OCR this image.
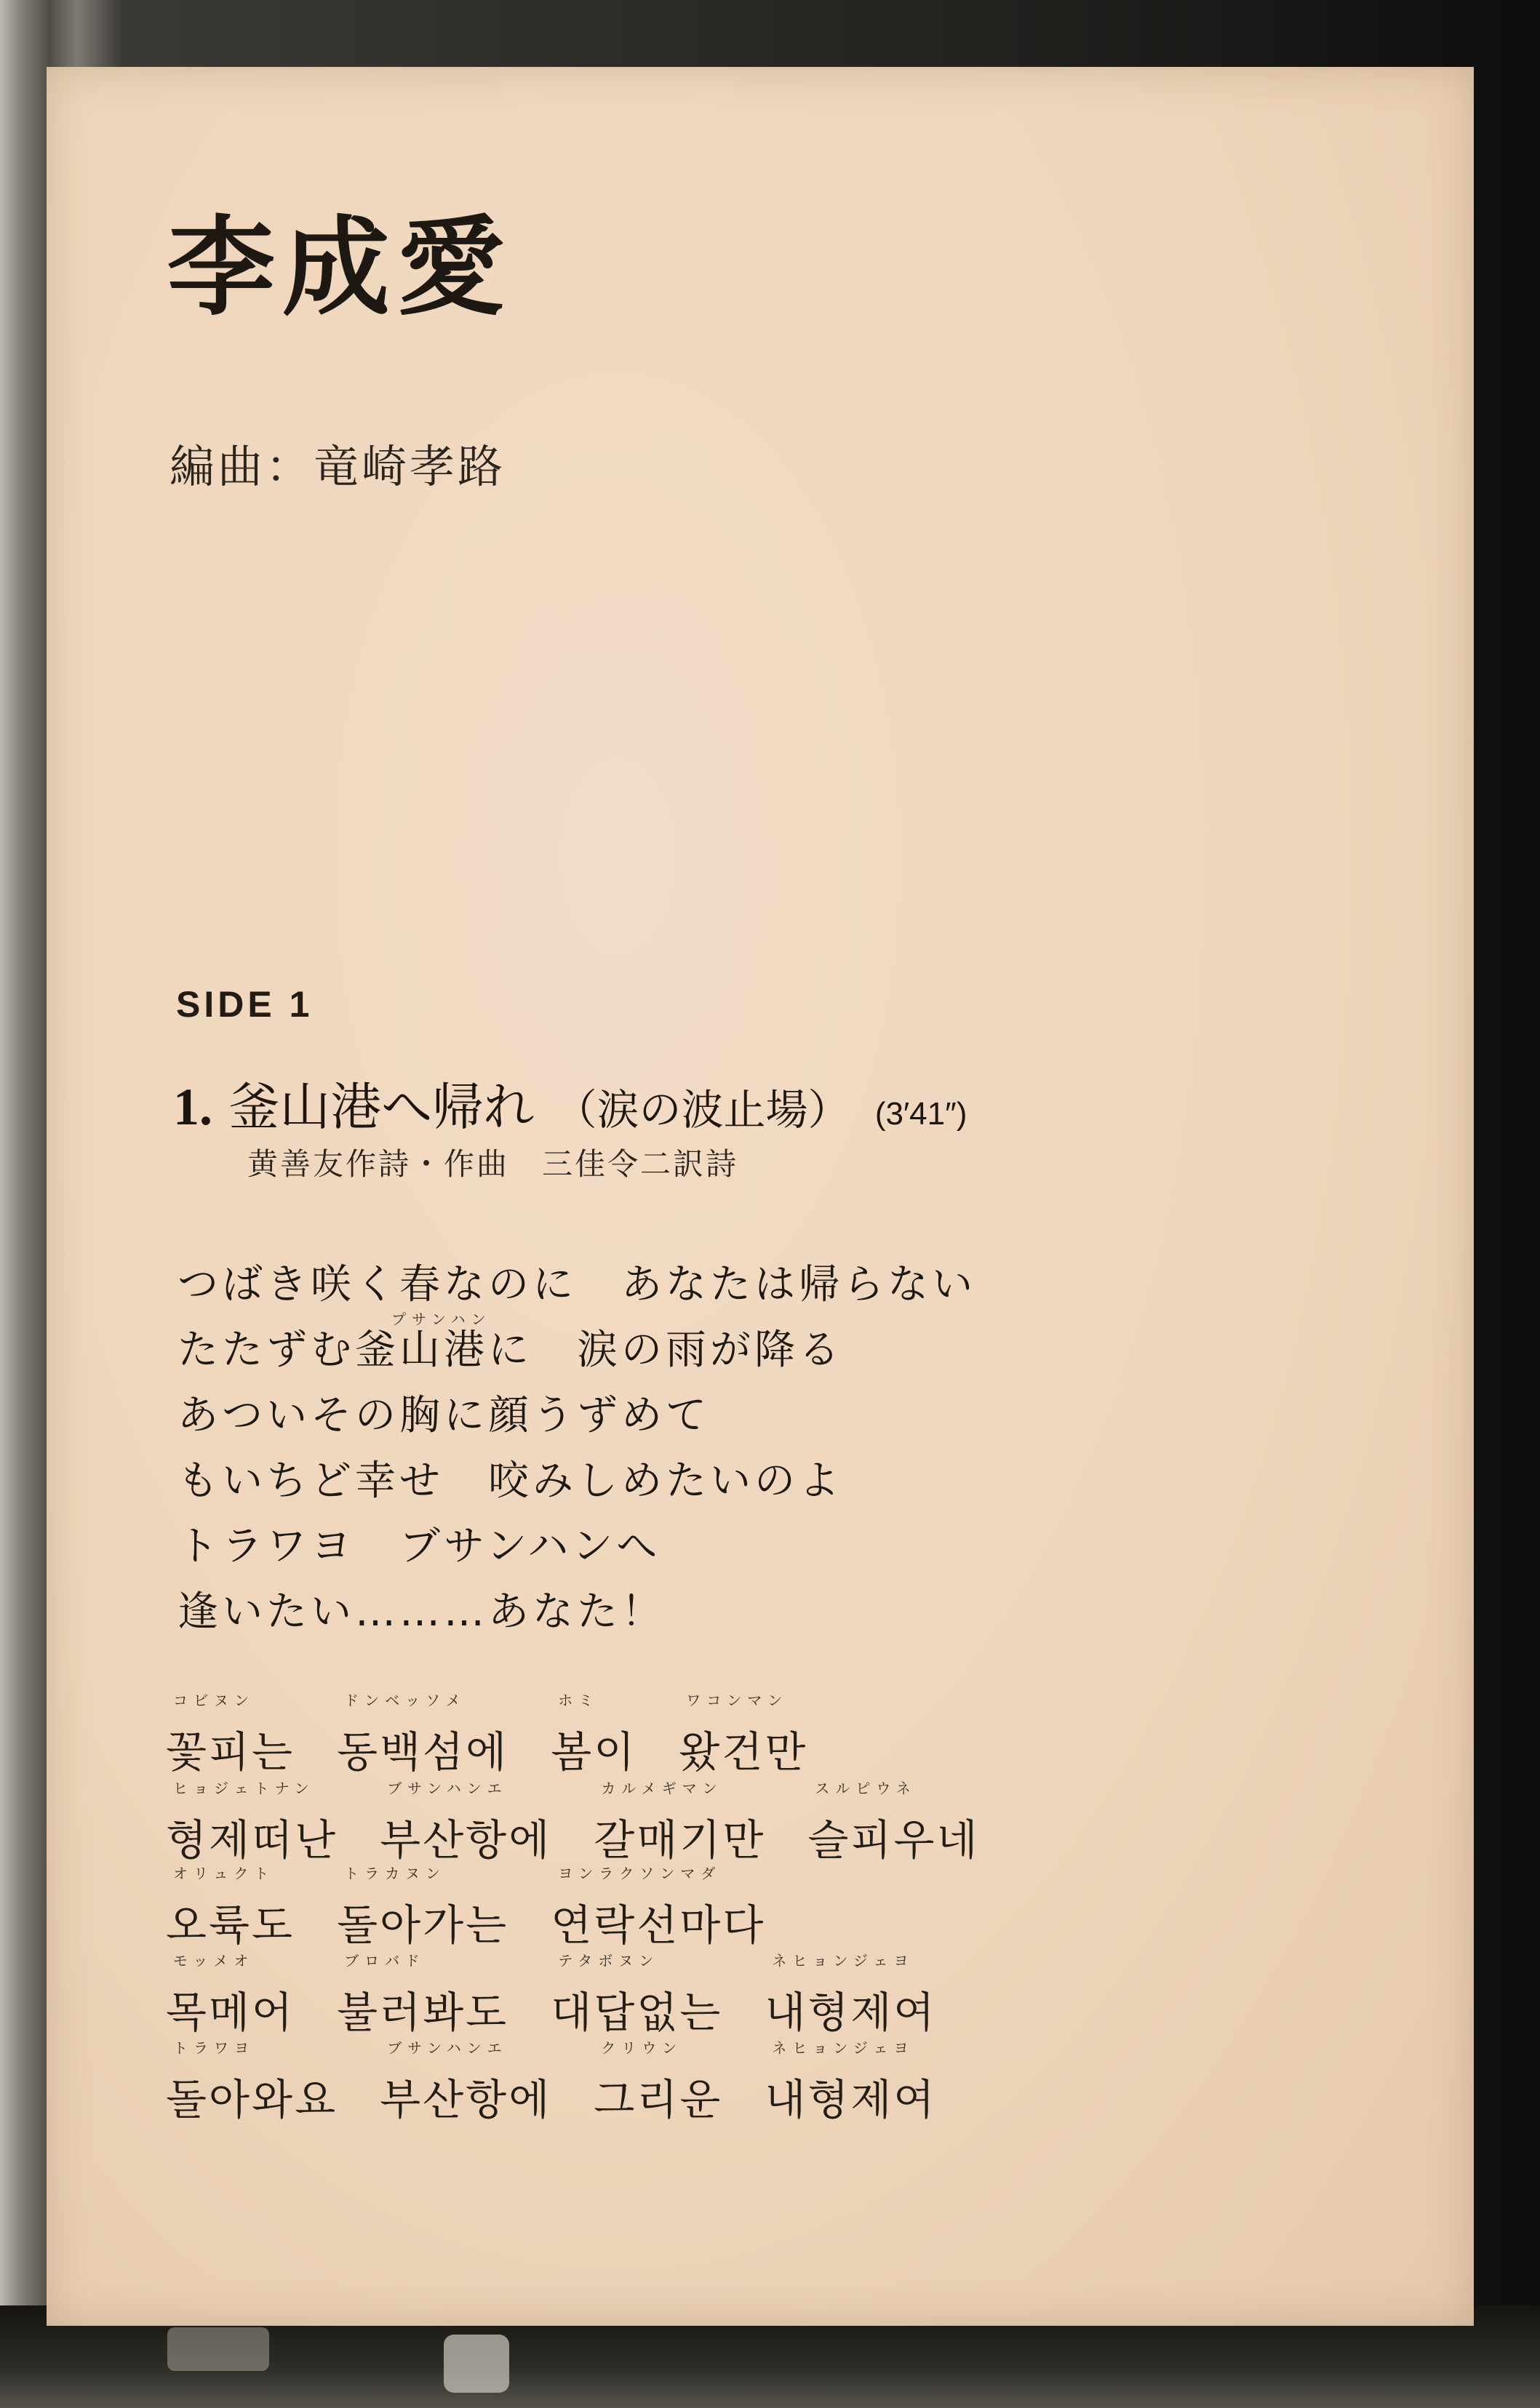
李成愛
編曲：竜崎孝路
SIDE 1
1. 釜山港へ帰れ （涙の波止場） (3′41″)
黄善友作詩・作曲　三佳令二訳詩
つばき咲く春なのに　あなたは帰らない
プサンハン
たたずむ釜山港に　涙の雨が降る
あついその胸に顔うずめて
もいちど幸せ　咬みしめたいのよ
トラワヨ　ブサンハンへ
逢いたい………あなた！
コビヌン
꽃피는
ドンベッソメ
동백섬에
ホミ
봄이
ワコンマン
왔건만
ヒョジェトナン
형제떠난
ブサンハンエ
부산항에
カルメギマン
갈매기만
スルピウネ
슬피우네
オリュクト
오륙도
トラカヌン
돌아가는
ヨンラクソンマダ
연락선마다
モッメオ
목메어
ブロバド
불러봐도
テタボヌン
대답없는
ネヒョンジェヨ
내형제여
トラワヨ
돌아와요
ブサンハンエ
부산항에
クリウン
그리운
ネヒョンジェヨ
내형제여
